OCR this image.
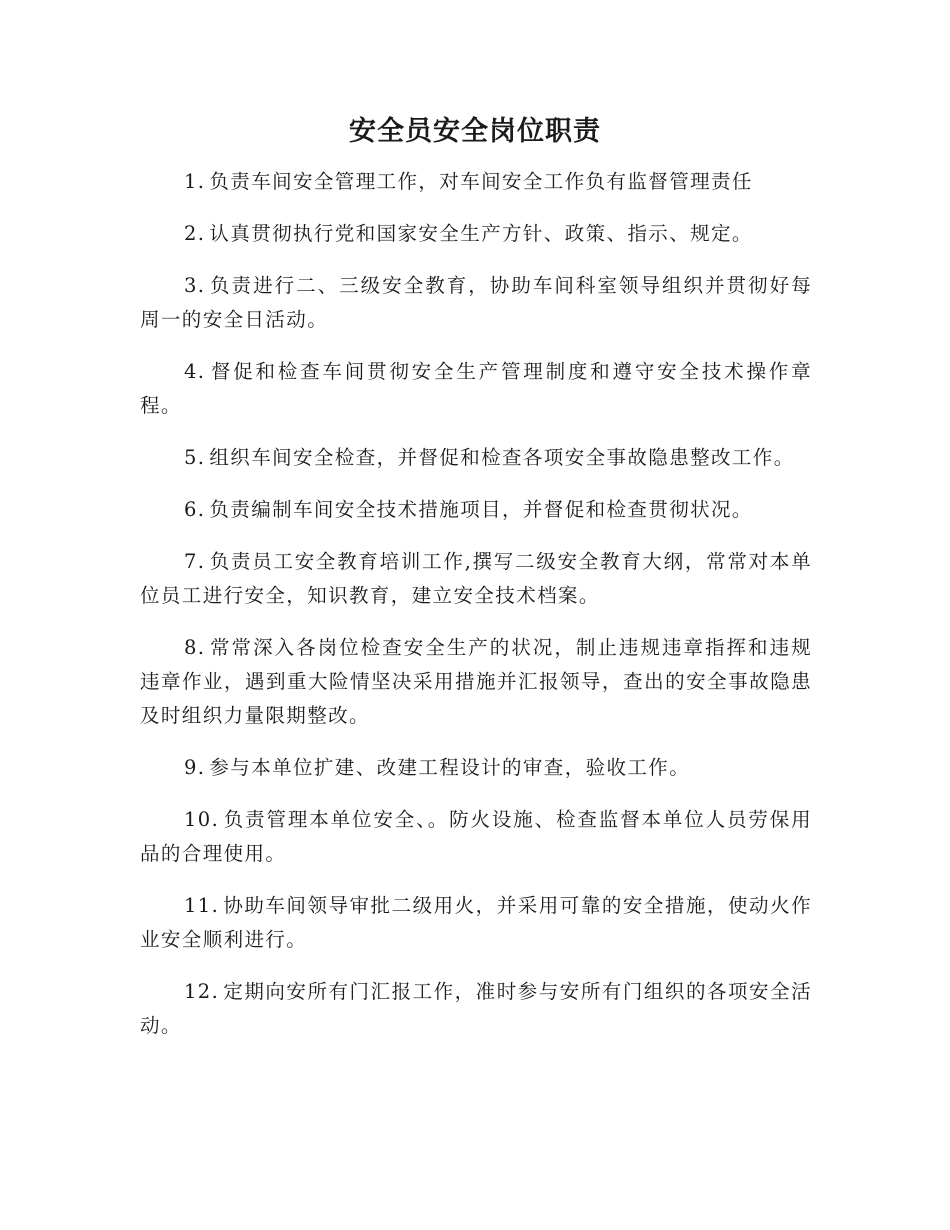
安全员安全岗位职责

1. 负责车间安全管理工作，对车间安全工作负有监督管理责任

2. 认真贯彻执行党和国家安全生产方针、政策、指示、规定。

3. 负责进行二、三级安全教育，协助车间科室领导组织并贯彻好每周一的安全日活动。

4. 督促和检查车间贯彻安全生产管理制度和遵守安全技术操作章程。

5. 组织车间安全检查，并督促和检查各项安全事故隐患整改工作。

6. 负责编制车间安全技术措施项目，并督促和检查贯彻状况。

7. 负责员工安全教育培训工作,撰写二级安全教育大纲，常常对本单位员工进行安全，知识教育，建立安全技术档案。

8. 常常深入各岗位检查安全生产的状况，制止违规违章指挥和违规违章作业，遇到重大险情坚决采用措施并汇报领导，查出的安全事故隐患及时组织力量限期整改。

9. 参与本单位扩建、改建工程设计的审查，验收工作。

10. 负责管理本单位安全、。防火设施、检查监督本单位人员劳保用品的合理使用。

11. 协助车间领导审批二级用火，并采用可靠的安全措施，使动火作业安全顺利进行。

12. 定期向安所有门汇报工作，准时参与安所有门组织的各项安全活动。
